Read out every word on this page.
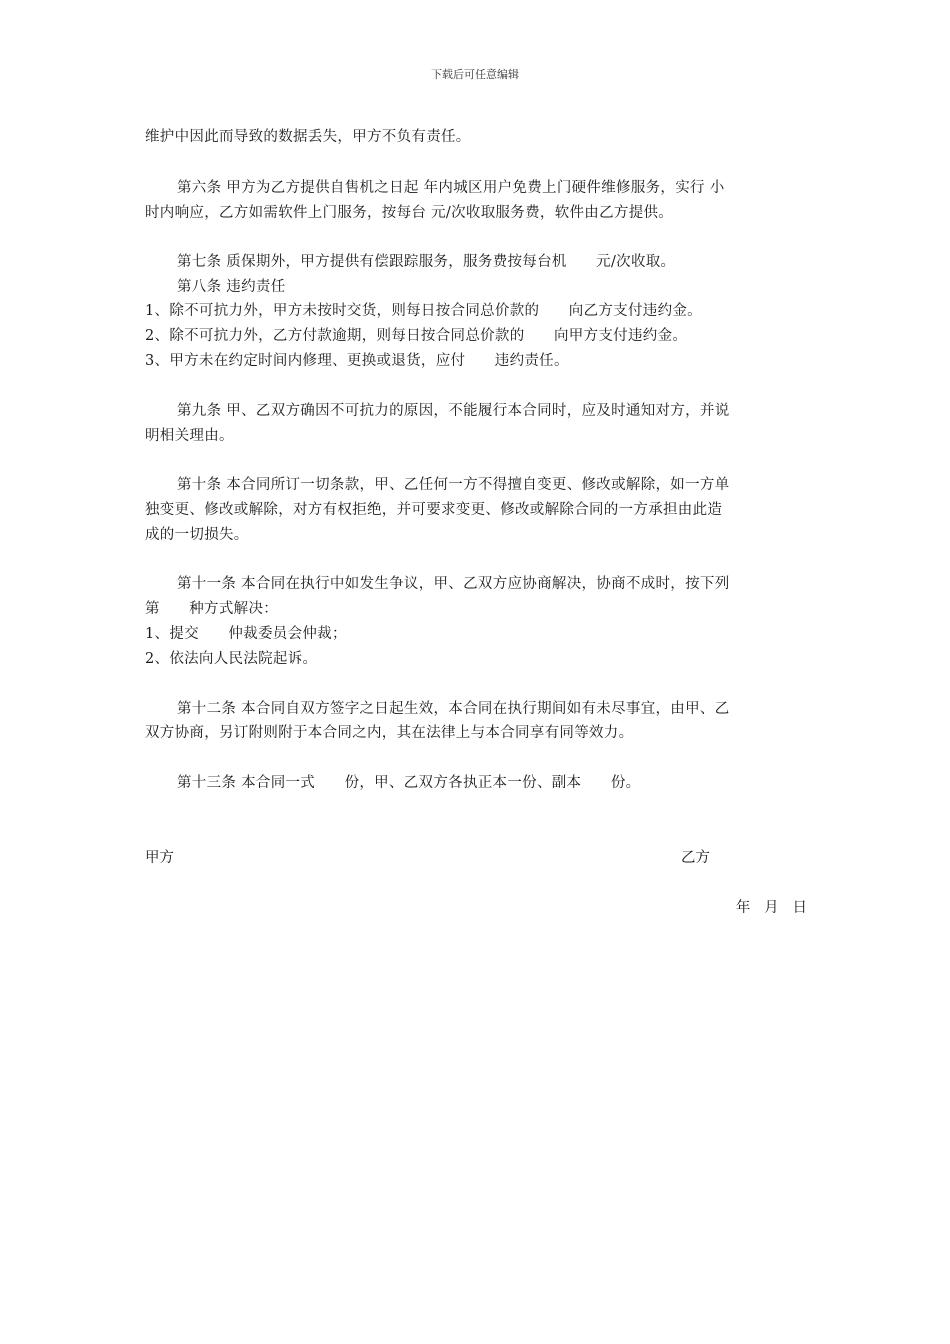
下载后可任意编辑
维护中因此而导致的数据丢失，甲方不负有责任。
第六条 甲方为乙方提供自售机之日起 年内城区用户免费上门硬件维修服务，实行 小
时内响应，乙方如需软件上门服务，按每台 元/次收取服务费，软件由乙方提供。
第七条 质保期外，甲方提供有偿跟踪服务，服务费按每台机      元/次收取。
第八条 违约责任
1、除不可抗力外，甲方未按时交货，则每日按合同总价款的      向乙方支付违约金。
2、除不可抗力外，乙方付款逾期，则每日按合同总价款的      向甲方支付违约金。
3、甲方未在约定时间内修理、更换或退货，应付      违约责任。
第九条 甲、乙双方确因不可抗力的原因，不能履行本合同时，应及时通知对方，并说
明相关理由。
第十条 本合同所订一切条款，甲、乙任何一方不得擅自变更、修改或解除，如一方单
独变更、修改或解除，对方有权拒绝，并可要求变更、修改或解除合同的一方承担由此造
成的一切损失。
第十一条 本合同在执行中如发生争议，甲、乙双方应协商解决，协商不成时，按下列
第      种方式解决：
1、提交      仲裁委员会仲裁；
2、依法向人民法院起诉。
第十二条 本合同自双方签字之日起生效，本合同在执行期间如有未尽事宜，由甲、乙
双方协商，另订附则附于本合同之内，其在法律上与本合同享有同等效力。
第十三条 本合同一式      份，甲、乙双方各执正本一份、副本      份。
甲方	乙方
年   月   日
